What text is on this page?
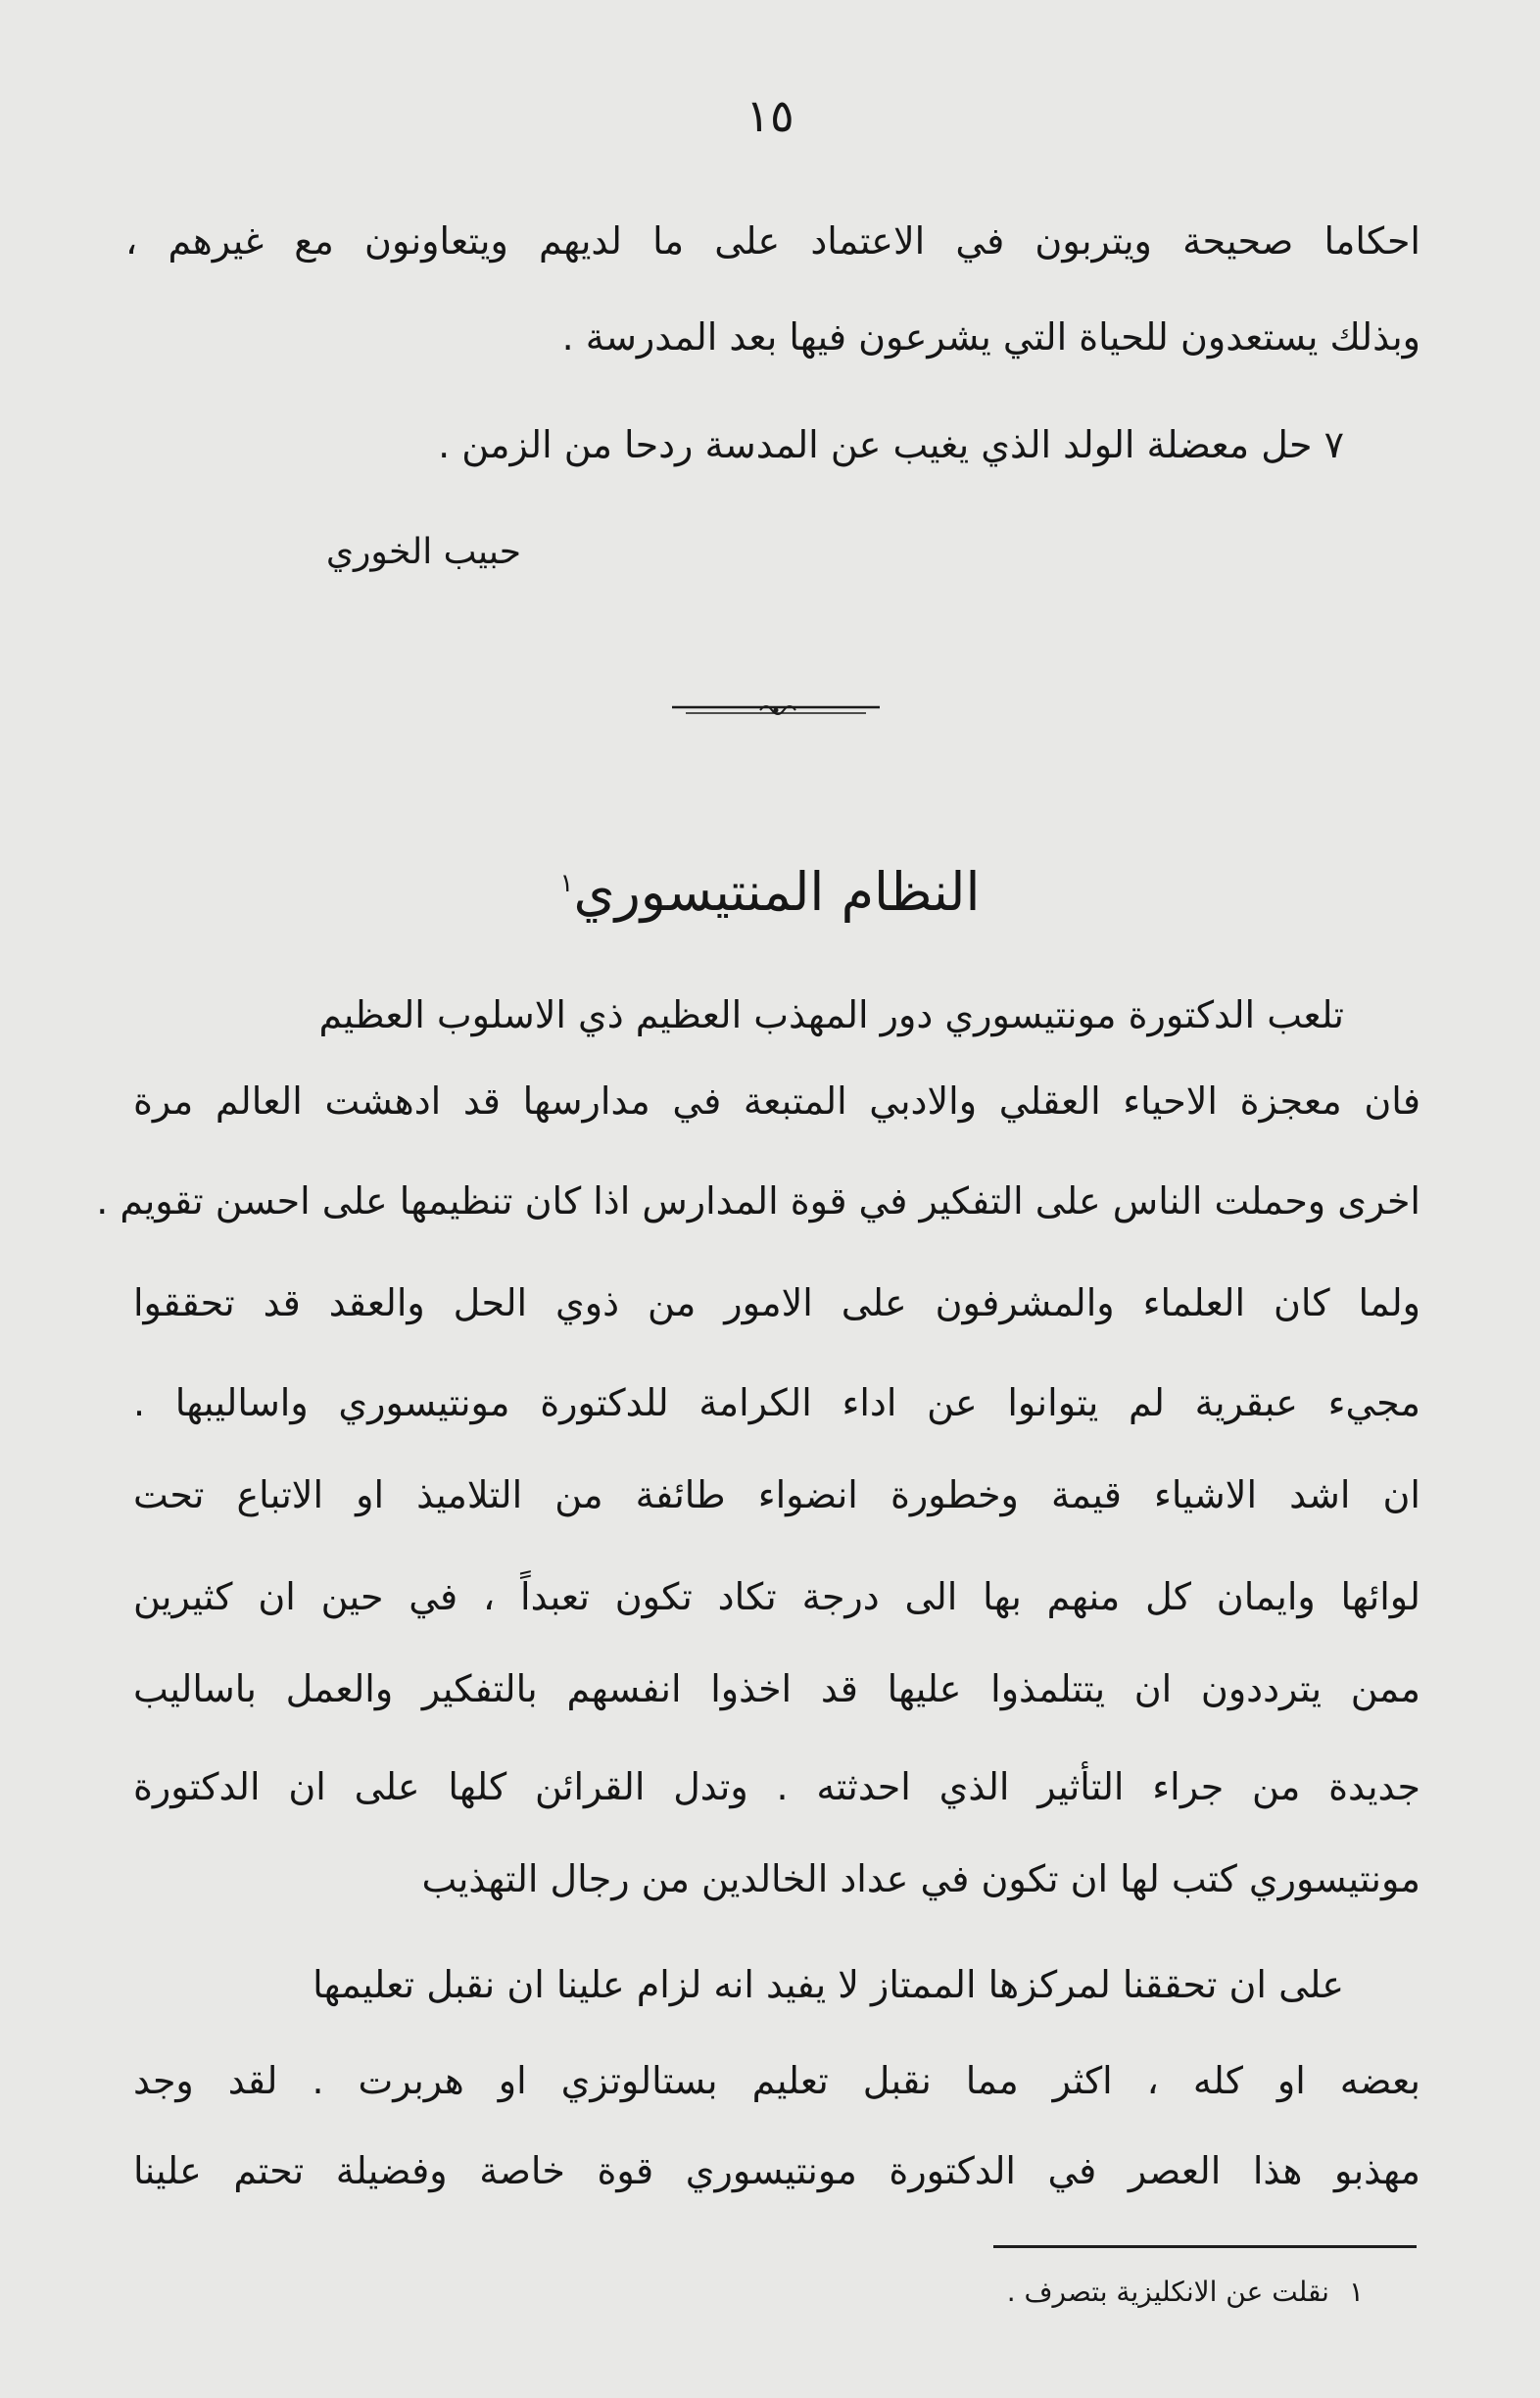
١٥
احكاما صحيحة ويتربون في الاعتماد على ما لديهم ويتعاونون مع غيرهم ،
وبذلك يستعدون للحياة التي يشرعون فيها بعد المدرسة .
٧ حل معضلة الولد الذي يغيب عن المدسة ردحا من الزمن .
حبيب الخوري
النظام المنتيسوري$^١$
تلعب الدكتورة مونتيسوري دور المهذب العظيم ذي الاسلوب العظيم
فان معجزة الاحياء العقلي والادبي المتبعة في مدارسها قد ادهشت العالم مرة
اخرى وحملت الناس على التفكير في قوة المدارس اذا كان تنظيمها على احسن تقويم .
ولما كان العلماء والمشرفون على الامور من ذوي الحل والعقد قد تحققوا
مجيء عبقرية لم يتوانوا عن اداء الكرامة للدكتورة مونتيسوري واساليبها .
ان اشد الاشياء قيمة وخطورة انضواء طائفة من التلاميذ او الاتباع تحت
لوائها وايمان كل منهم بها الى درجة تكاد تكون تعبداً ، في حين ان كثيرين
ممن يترددون ان يتتلمذوا عليها قد اخذوا انفسهم بالتفكير والعمل باساليب
جديدة من جراء التأثير الذي احدثته . وتدل القرائن كلها على ان الدكتورة
مونتيسوري كتب لها ان تكون في عداد الخالدين من رجال التهذيب
على ان تحققنا لمركزها الممتاز لا يفيد انه لزام علينا ان نقبل تعليمها
بعضه او كله ، اكثر مما نقبل تعليم بستالوتزي او هربرت . لقد وجد
مهذبو هذا العصر في الدكتورة مونتيسوري قوة خاصة وفضيلة تحتم علينا
١نقلت عن الانكليزية بتصرف .
